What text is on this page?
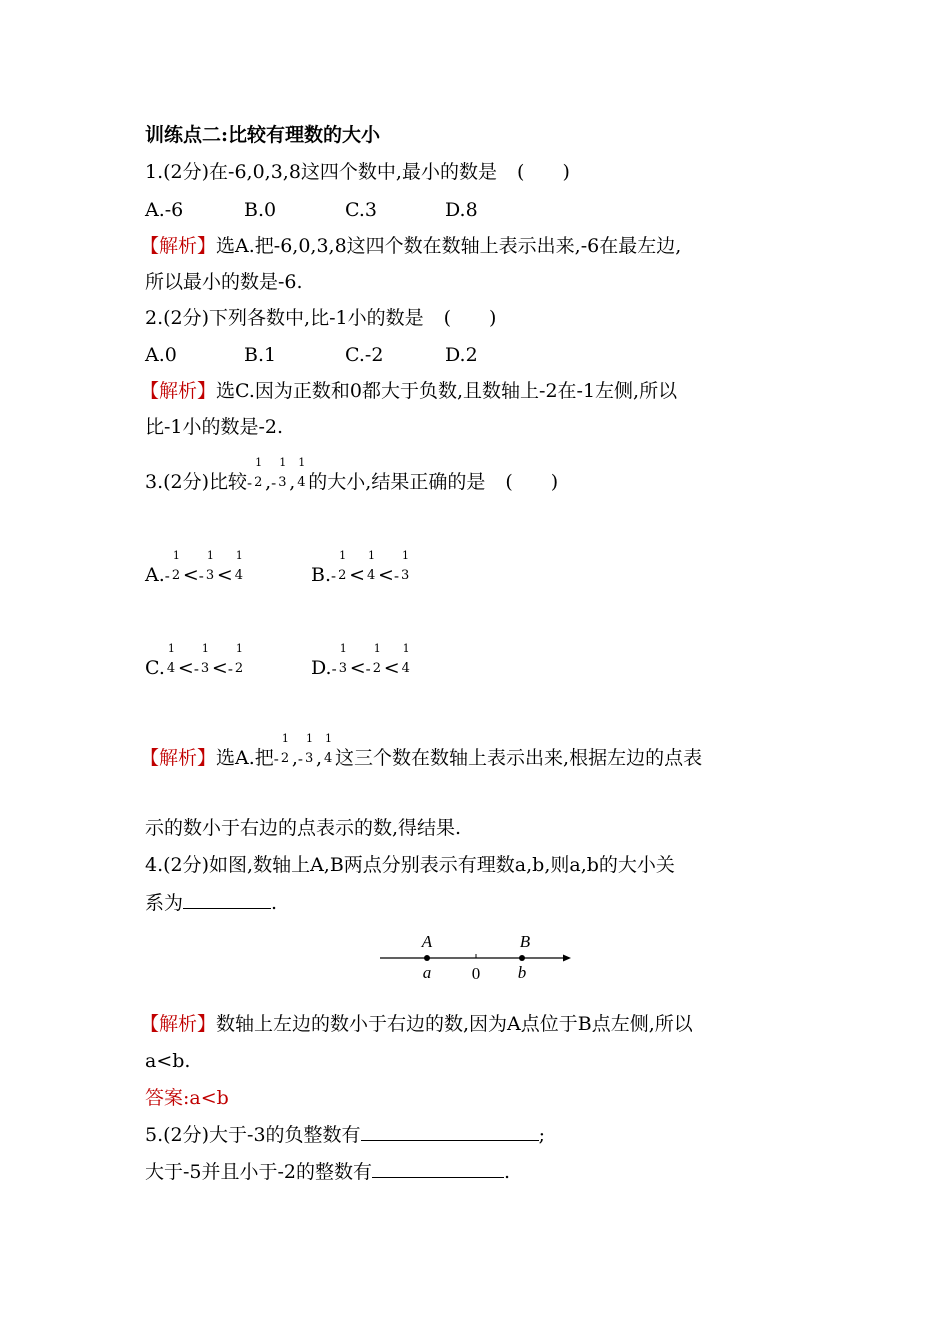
训练点二:比较有理数的大小
1.(2分)在-6,0,3,8这四个数中,最小的数是 (　　)
A.-6	B.0	C.3	D.8
【解析】选A.把-6,0,3,8这四个数在数轴上表示出来,-6在最左边,
所以最小的数是-6.
2.(2分)下列各数中,比-1小的数是 (　　)
A.0	B.1	C.-2	D.2
【解析】选C.因为正数和0都大于负数,且数轴上-2在-1左侧,所以
比-1小的数是-2.
3.(2分)比较-
1
2 ,-
1
3 ,
1
4 的大小,结果正确的是 (　　)
A.-
1
2 <-
1
3 <
1
4	B.-
1
2 <
1
4 <-
1
3
C.
1
4 <-
1
3 <-
1
2	D.-
1
3 <-
1
2 <
1
4
【解析】选A.把-
1
2 ,-
1
3 ,
1
4 这三个数在数轴上表示出来,根据左边的点表
示的数小于右边的点表示的数,得结果.
4.(2分)如图,数轴上A,B两点分别表示有理数a,b,则a,b的大小关
系为	.
A
a 0
B
b
【解析】数轴上左边的数小于右边的数,因为A点位于B点左侧,所以
a<b.
答案:a<b
5.(2分)大于-3的负整数有	;
大于-5并且小于-2的整数有	.
